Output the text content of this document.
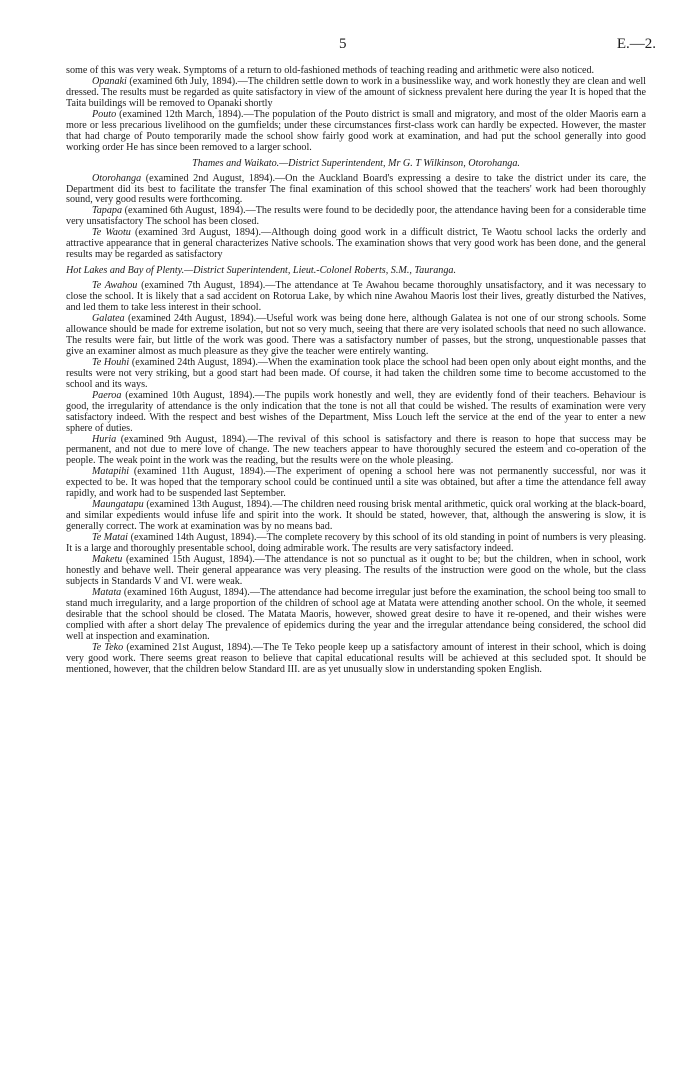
5	E.—2.

some of this was very weak. Symptoms of a return to old-fashioned methods of teaching reading and arithmetic were also noticed.

Opanaki (examined 6th July, 1894).—The children settle down to work in a businesslike way, and work honestly they are clean and well dressed. The results must be regarded as quite satisfactory in view of the amount of sickness prevalent here during the year It is hoped that the Taita buildings will be removed to Opanaki shortly

Pouto (examined 12th March, 1894).—The population of the Pouto district is small and migratory, and most of the older Maoris earn a more or less precarious livelihood on the gumfields; under these circumstances first-class work can hardly be expected. However, the master that had charge of Pouto temporarily made the school show fairly good work at examination, and had put the school generally into good working order He has since been removed to a larger school.

Thames and Waikato.—District Superintendent, Mr G. T Wilkinson, Otorohanga.

Otorohanga (examined 2nd August, 1894).—On the Auckland Board's expressing a desire to take the district under its care, the Department did its best to facilitate the transfer The final examination of this school showed that the teachers' work had been thoroughly sound, very good results were forthcoming.

Tapapa (examined 6th August, 1894).—The results were found to be decidedly poor, the attendance having been for a considerable time very unsatisfactory The school has been closed.

Te Waotu (examined 3rd August, 1894).—Although doing good work in a difficult district, Te Waotu school lacks the orderly and attractive appearance that in general characterizes Native schools. The examination shows that very good work has been done, and the general results may be regarded as satisfactory

Hot Lakes and Bay of Plenty.—District Superintendent, Lieut.-Colonel Roberts, S.M., Tauranga.

Te Awahou (examined 7th August, 1894).—The attendance at Te Awahou became thoroughly unsatisfactory, and it was necessary to close the school. It is likely that a sad accident on Rotorua Lake, by which nine Awahou Maoris lost their lives, greatly disturbed the Natives, and led them to take less interest in their school.

Galatea (examined 24th August, 1894).—Useful work was being done here, although Galatea is not one of our strong schools. Some allowance should be made for extreme isolation, but not so very much, seeing that there are very isolated schools that need no such allowance. The results were fair, but little of the work was good. There was a satisfactory number of passes, but the strong, unquestionable passes that give an examiner almost as much pleasure as they give the teacher were entirely wanting.

Te Houhi (examined 24th August, 1894).—When the examination took place the school had been open only about eight months, and the results were not very striking, but a good start had been made. Of course, it had taken the children some time to become accustomed to the school and its ways.

Paeroa (examined 10th August, 1894).—The pupils work honestly and well, they are evidently fond of their teachers. Behaviour is good, the irregularity of attendance is the only indication that the tone is not all that could be wished. The results of examination were very satisfactory indeed. With the respect and best wishes of the Department, Miss Louch left the service at the end of the year to enter a new sphere of duties.

Huria (examined 9th August, 1894).—The revival of this school is satisfactory and there is reason to hope that success may be permanent, and not due to mere love of change. The new teachers appear to have thoroughly secured the esteem and co-operation of the people. The weak point in the work was the reading, but the results were on the whole pleasing.

Matapihi (examined 11th August, 1894).—The experiment of opening a school here was not permanently successful, nor was it expected to be. It was hoped that the temporary school could be continued until a site was obtained, but after a time the attendance fell away rapidly, and work had to be suspended last September.

Maungatapu (examined 13th August, 1894).—The children need rousing brisk mental arithmetic, quick oral working at the black-board, and similar expedients would infuse life and spirit into the work. It should be stated, however, that, although the answering is slow, it is generally correct. The work at examination was by no means bad.

Te Matai (examined 14th August, 1894).—The complete recovery by this school of its old standing in point of numbers is very pleasing. It is a large and thoroughly presentable school, doing admirable work. The results are very satisfactory indeed.

Maketu (examined 15th August, 1894).—The attendance is not so punctual as it ought to be; but the children, when in school, work honestly and behave well. Their general appearance was very pleasing. The results of the instruction were good on the whole, but the class subjects in Standards V and VI. were weak.

Matata (examined 16th August, 1894).—The attendance had become irregular just before the examination, the school being too small to stand much irregularity, and a large proportion of the children of school age at Matata were attending another school. On the whole, it seemed desirable that the school should be closed. The Matata Maoris, however, showed great desire to have it re-opened, and their wishes were complied with after a short delay The prevalence of epidemics during the year and the irregular attendance being considered, the school did well at inspection and examination.

Te Teko (examined 21st August, 1894).—The Te Teko people keep up a satisfactory amount of interest in their school, which is doing very good work. There seems great reason to believe that capital educational results will be achieved at this secluded spot. It should be mentioned, however, that the children below Standard III. are as yet unusually slow in understanding spoken English.
